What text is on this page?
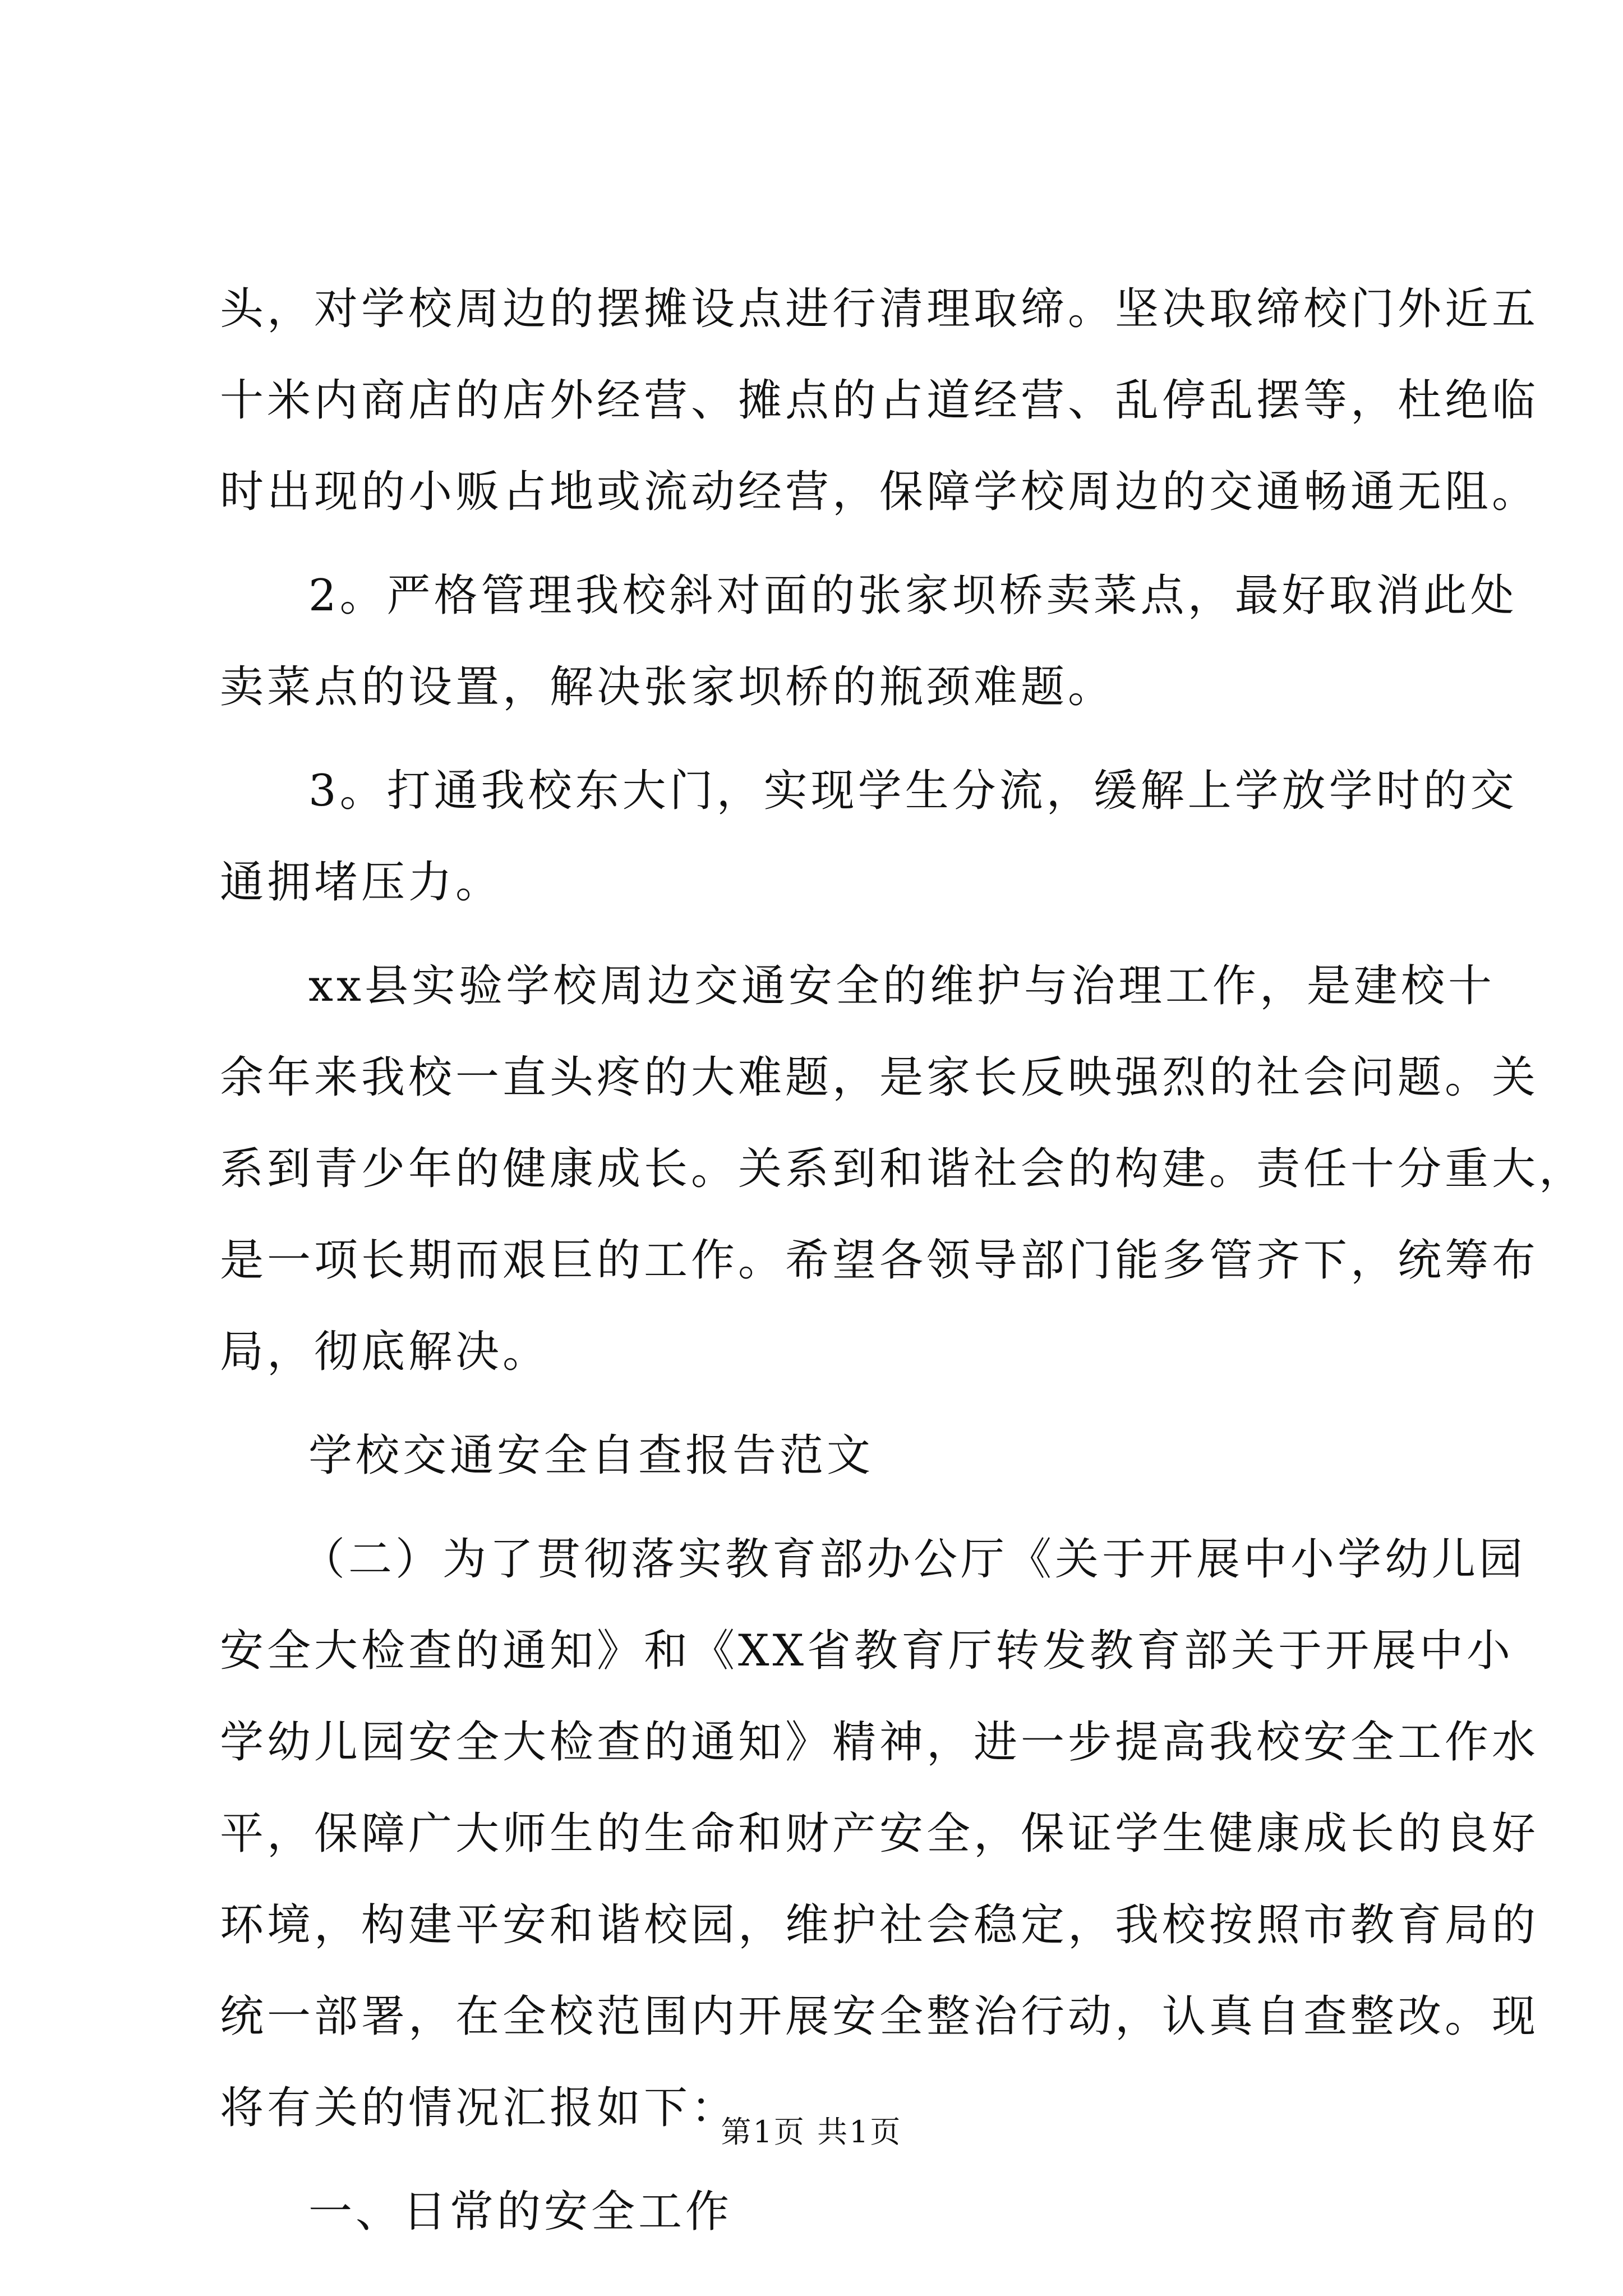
头，对学校周边的摆摊设点进行清理取缔。坚决取缔校门外近五
十米内商店的店外经营、摊点的占道经营、乱停乱摆等，杜绝临
时出现的小贩占地或流动经营，保障学校周边的交通畅通无阻。
2。严格管理我校斜对面的张家坝桥卖菜点，最好取消此处
卖菜点的设置，解决张家坝桥的瓶颈难题。
3。打通我校东大门，实现学生分流，缓解上学放学时的交
通拥堵压力。
xx县实验学校周边交通安全的维护与治理工作，是建校十
余年来我校一直头疼的大难题，是家长反映强烈的社会问题。关
系到青少年的健康成长。关系到和谐社会的构建。责任十分重大，
是一项长期而艰巨的工作。希望各领导部门能多管齐下，统筹布
局，彻底解决。
学校交通安全自查报告范文
（二）为了贯彻落实教育部办公厅《关于开展中小学幼儿园
安全大检查的通知》和《XX省教育厅转发教育部关于开展中小
学幼儿园安全大检查的通知》精神，进一步提高我校安全工作水
平，保障广大师生的生命和财产安全，保证学生健康成长的良好
环境，构建平安和谐校园，维护社会稳定，我校按照市教育局的
统一部署，在全校范围内开展安全整治行动，认真自查整改。现
将有关的情况汇报如下：
一、日常的安全工作
第1页 共1页
